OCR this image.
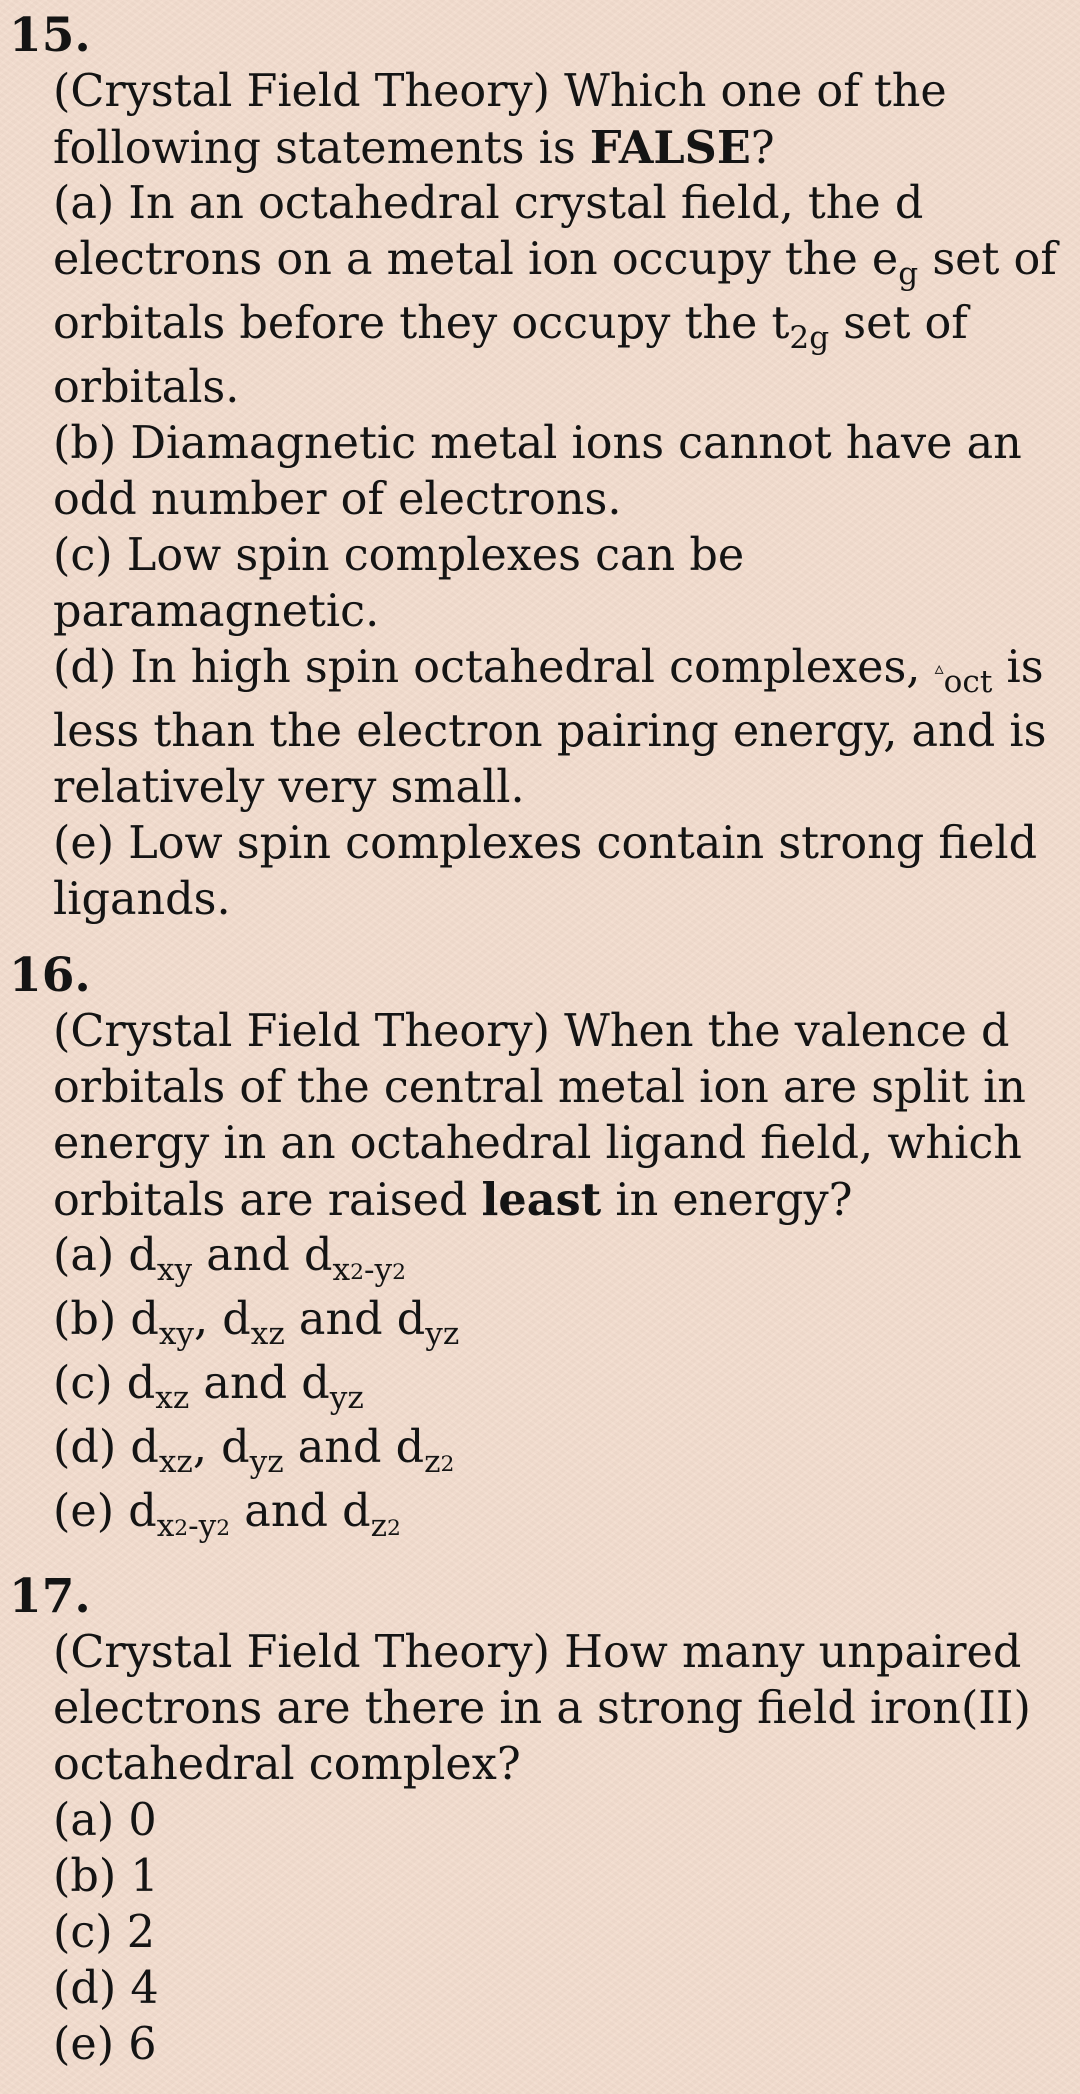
15.
(Crystal Field Theory) Which one of the
following statements is FALSE?
(a) In an octahedral crystal field, the d
electrons on a metal ion occupy the $e_g$ set of
orbitals before they occupy the $t_{2g}$ set of
orbitals.
(b) Diamagnetic metal ions cannot have an
odd number of electrons.
(c) Low spin complexes can be
paramagnetic.
(d) In high spin octahedral complexes, $▵_{oct}$ is
less than the electron pairing energy, and is
relatively very small.
(e) Low spin complexes contain strong field
ligands.
16.
(Crystal Field Theory) When the valence d
orbitals of the central metal ion are split in
energy in an octahedral ligand field, which
orbitals are raised least in energy?
(a) $d_{xy}$ and $d_{x^2-y^2}$
(b) $d_{xy}$, $d_{xz}$ and $d_{yz}$
(c) $d_{xz}$ and $d_{yz}$
(d) $d_{xz}$, $d_{yz}$ and $d_{z^2}$
(e) $d_{x^2-y^2}$ and $d_{z^2}$
17.
(Crystal Field Theory) How many unpaired
electrons are there in a strong field iron(II)
octahedral complex?
(a) 0
(b) 1
(c) 2
(d) 4
(e) 6
